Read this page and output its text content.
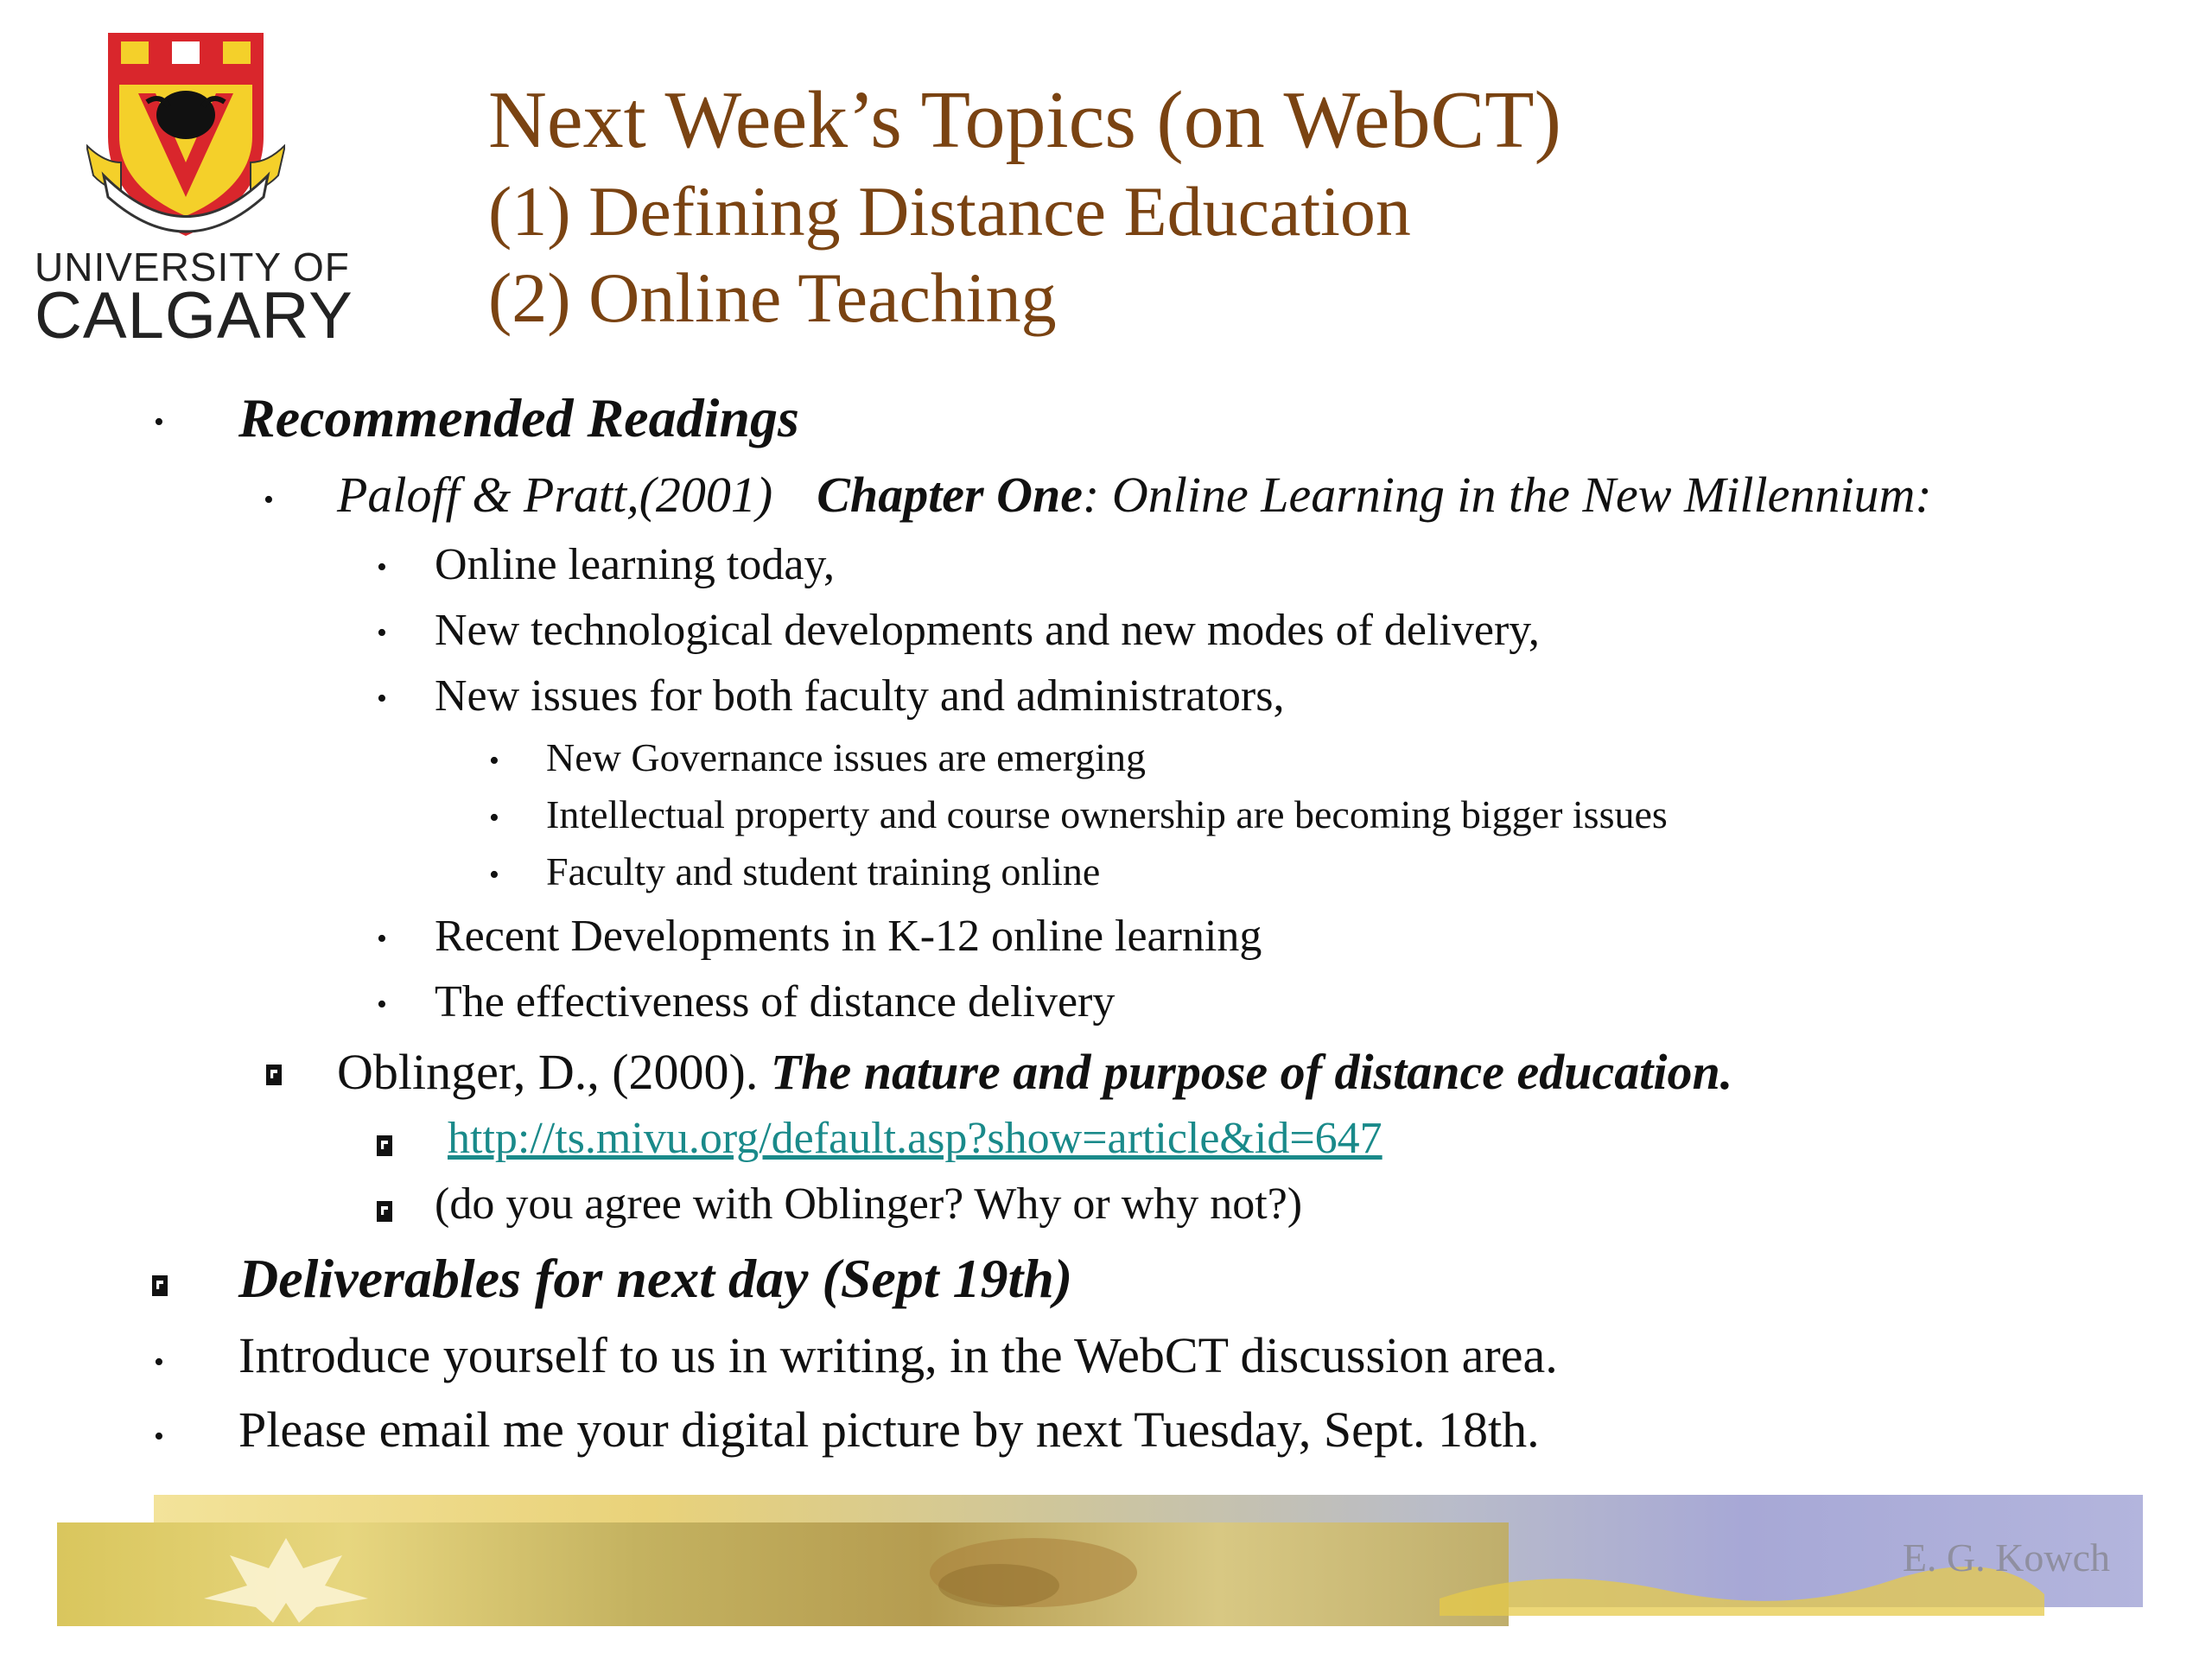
UNIVERSITY OF
CALGARY
Next Week’s Topics (on WebCT)
(1) Defining Distance Education
(2) Online Teaching
• Recommended Readings
• Paloff & Pratt,(2001) Chapter One: Online Learning in the New Millennium:
• Online learning today,
• New technological developments and new modes of delivery,
• New issues for both faculty and administrators,
• New Governance issues are emerging
• Intellectual property and course ownership are becoming bigger issues
• Faculty and student training online
• Recent Developments in K-12 online learning
• The effectiveness of distance delivery
Oblinger, D., (2000). The nature and purpose of distance education.
http://ts.mivu.org/default.asp?show=article&id=647
(do you agree with Oblinger? Why or why not?)
Deliverables for next day (Sept 19th)
• Introduce yourself to us in writing, in the WebCT discussion area.
• Please email me your digital picture by next Tuesday, Sept. 18th.
E. G. Kowch
